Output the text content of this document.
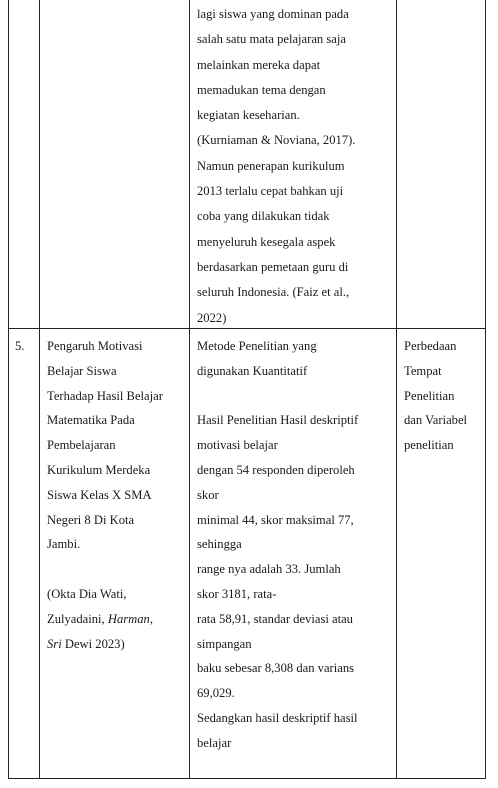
lagi siswa yang dominan pada
salah satu mata pelajaran saja
melainkan mereka dapat
memadukan tema dengan
kegiatan keseharian.
(Kurniaman & Noviana, 2017).
Namun penerapan kurikulum
2013 terlalu cepat bahkan uji
coba yang dilakukan tidak
menyeluruh kesegala aspek
berdasarkan pemetaan guru di
seluruh Indonesia. (Faiz et al.,
2022)
5.	Pengaruh Motivasi
Belajar Siswa
Terhadap Hasil Belajar
Matematika Pada
Pembelajaran
Kurikulum Merdeka
Siswa Kelas X SMA
Negeri 8 Di Kota
Jambi.
(Okta Dia Wati,
Zulyadaini, Harman,
Sri Dewi 2023)
Metode Penelitian yang
digunakan Kuantitatif
Hasil Penelitian Hasil deskriptif
motivasi belajar
dengan 54 responden diperoleh
skor
minimal 44, skor maksimal 77,
sehingga
range nya adalah 33. Jumlah
skor 3181, rata-
rata 58,91, standar deviasi atau
simpangan
baku sebesar 8,308 dan varians
69,029.
Sedangkan hasil deskriptif hasil
belajar
Perbedaan
Tempat
Penelitian
dan Variabel
penelitian
